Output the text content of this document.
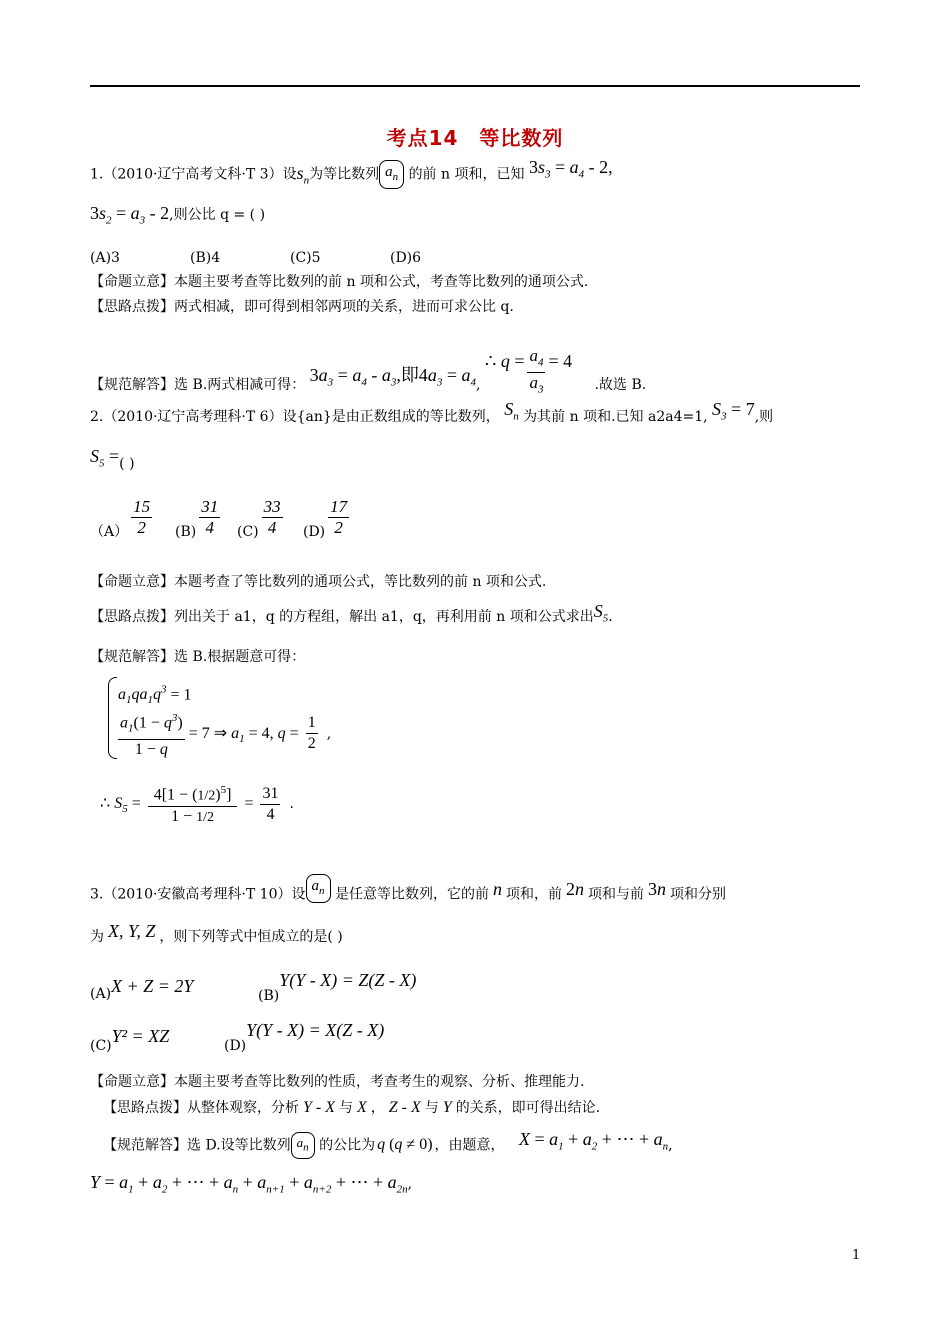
考点14　等比数列
1.（2010·辽宁高考文科·T 3）设$s_n$为等比数列 $a_n$ 的前 n 项和，已知 $3s_3 = a_4 - 2$,
$3s_2 = a_3 - 2$,则公比 q = ( )
(A)3	(B)4	(C)5	(D)6
【命题立意】本题主要考查等比数列的前 n 项和公式，考查等比数列的通项公式.
【思路点拨】两式相减，即可得到相邻两项的关系，进而可求公比 q.
【规范解答】选 B.两式相减可得： $3a_3 = a_4 - a_3$,即$4a_3 = a_4$, ∴ $q = \frac{a_4}{a_3} = 4$ .故选 B.
2.（2010·辽宁高考理科·T 6）设{an}是由正数组成的等比数列， $S_n$ 为其前 n 项和.已知 a2a4=1, $S_3 = 7$,则
$S_5$ =( )
$(A) \frac{15}{2} (B) \frac{31}{4} (C) \frac{33}{4} (D) \frac{17}{2}$
【命题立意】本题考查了等比数列的通项公式，等比数列的前 n 项和公式.
【思路点拨】列出关于 a1，q 的方程组，解出 a1，q，再利用前 n 项和公式求出$S_5$.
【规范解答】选 B.根据题意可得：
$a_1qa_1q^3 = 1$
$\frac{a_1(1 - q^3)}{1 - q} = 7$ ⇒ $a_1 = 4$, $q = \frac{1}{2}$ ,
∴ $S_5 = \frac{4[1 - (1/2)^5]}{1 - 1/2} = \frac{31}{4}$ .
3.（2010·安徽高考理科·T 10）设$a_n$ 是任意等比数列，它的前 n 项和，前 2n 项和与前 3n 项和分别
为 X, Y, Z ，则下列等式中恒成立的是( )
(A)X + Z = 2Y	(B)Y(Y - X) = Z(Z - X)
(C)Y² = XZ	(D)Y(Y - X) = X(Z - X)
【命题立意】本题主要考查等比数列的性质，考查考生的观察、分析、推理能力.
【思路点拨】从整体观察，分析 Y - X 与 X ， Z - X 与 Y 的关系，即可得出结论.
【规范解答】选 D.设等比数列 $a_n$ 的公比为 q (q ≠ 0) ，由题意， $X = a_1 + a_2$ + ⋯ + $a_n$,
$Y = a_1 + a_2$ + ⋯ + $a_n + a_{n+1} + a_{n+2}$ + ⋯ + $a_{2n}$,
1
